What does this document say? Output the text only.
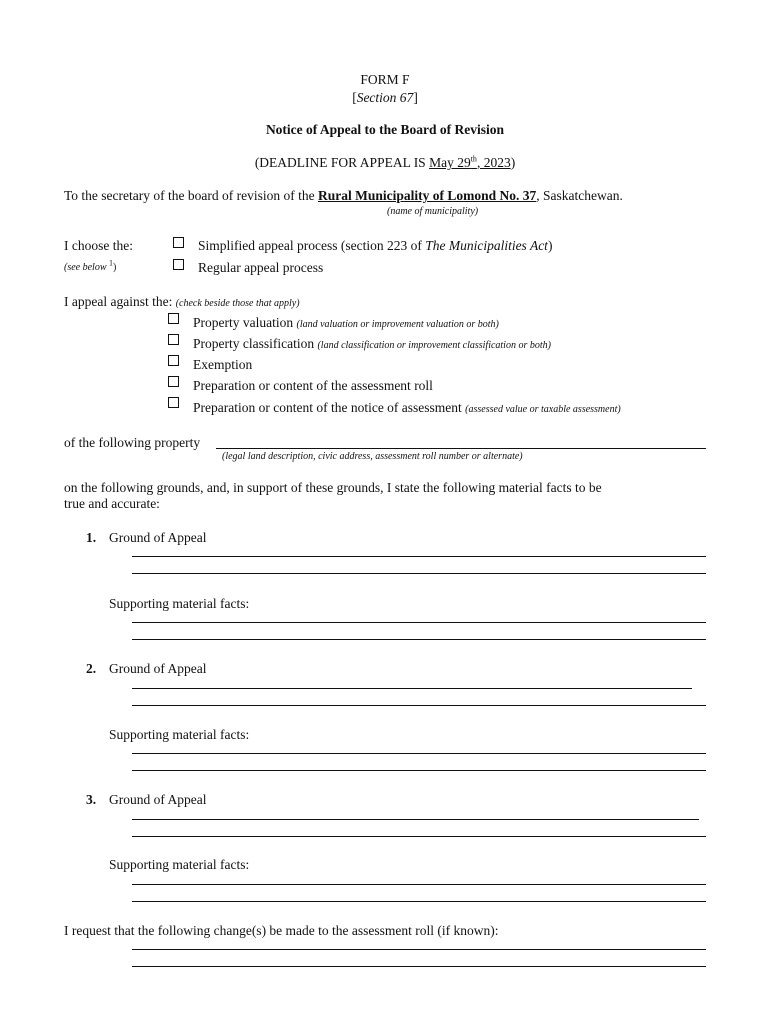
FORM F
[Section 67]
Notice of Appeal to the Board of Revision
(DEADLINE FOR APPEAL IS May 29th, 2023)
To the secretary of the board of revision of the Rural Municipality of Lomond No. 37, Saskatchewan.
(name of municipality)
I choose the:
(see below $^1$)
Simplified appeal process (section 223 of The Municipalities Act)
Regular appeal process
I appeal against the: (check beside those that apply)
Property valuation (land valuation or improvement valuation or both)
Property classification (land classification or improvement classification or both)
Exemption
Preparation or content of the assessment roll
Preparation or content of the notice of assessment (assessed value or taxable assessment)
of the following property
(legal land description, civic address, assessment roll number or alternate)
on the following grounds, and, in support of these grounds, I state the following material facts to be
true and accurate:
1. Ground of Appeal
Supporting material facts:
2. Ground of Appeal
Supporting material facts:
3. Ground of Appeal
Supporting material facts:
I request that the following change(s) be made to the assessment roll (if known):
